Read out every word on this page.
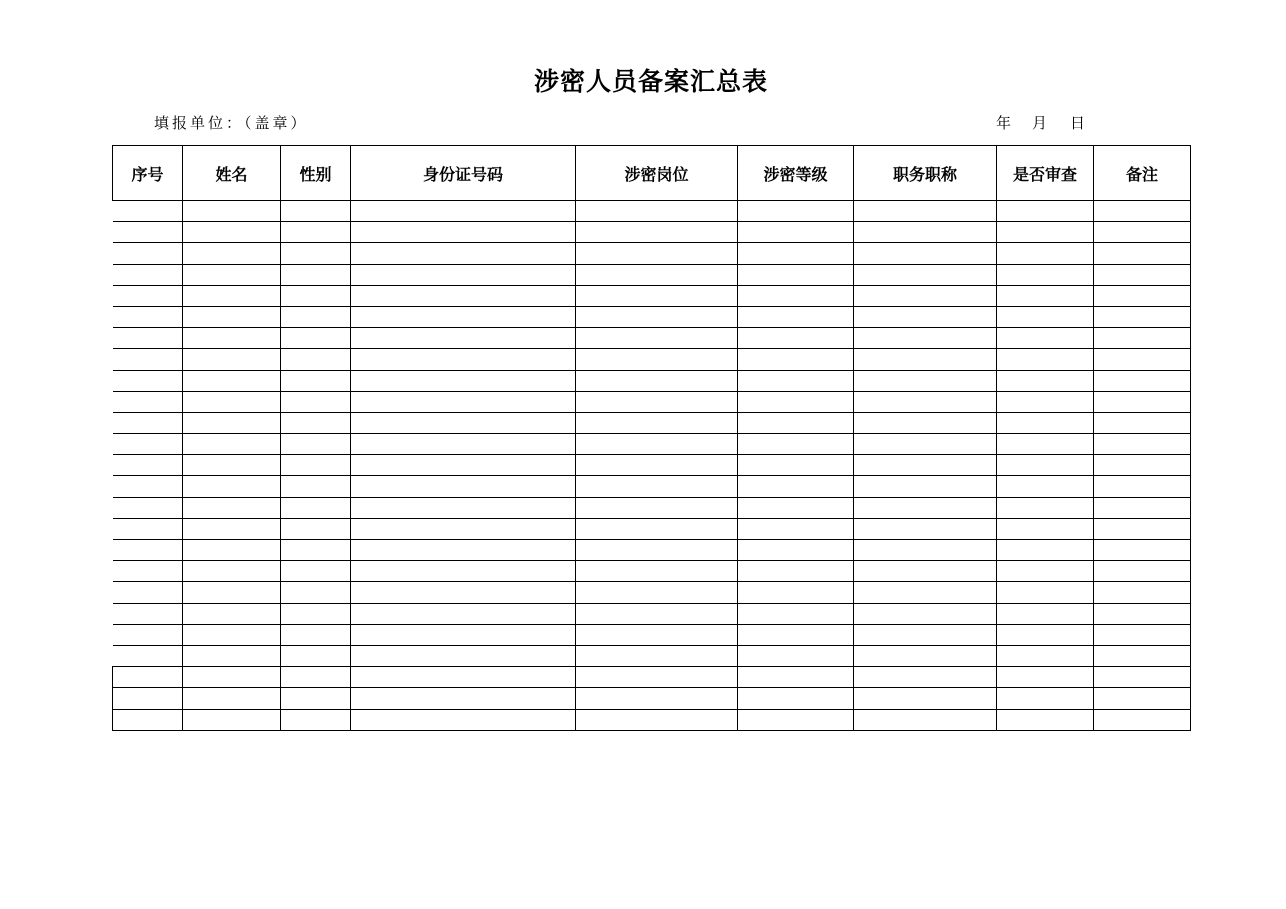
涉密人员备案汇总表
填报单位：（盖章）	年	月	日
序号	姓名	性别	身份证号码	涉密岗位	涉密等级	职务职称	是否审查	备注
